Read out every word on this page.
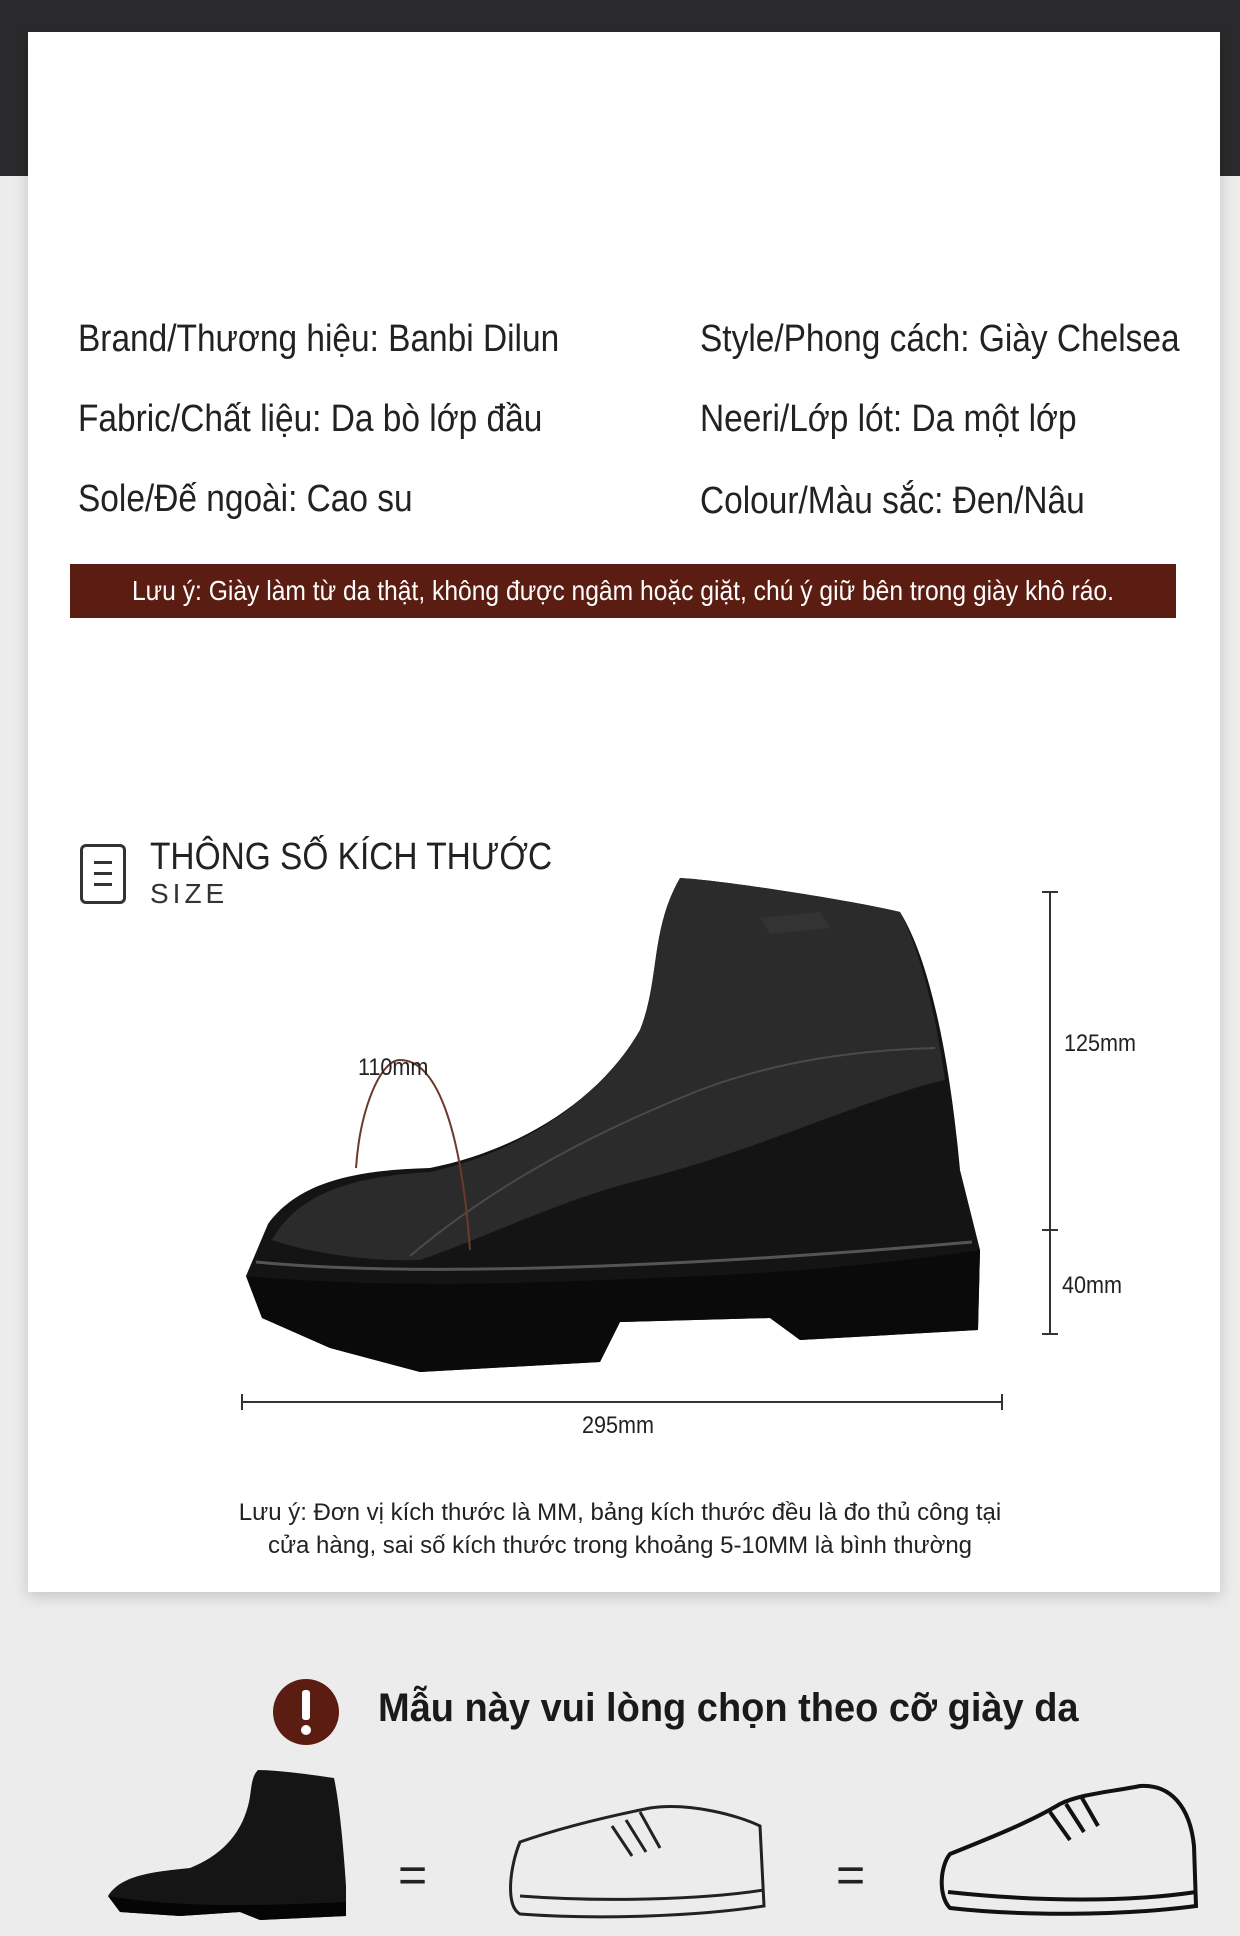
THÔNG TIN SẢN PHẨM
Brand/Thương hiệu: Banbi Dilun	Style/Phong cách: Giày Chelsea
Fabric/Chất liệu: Da bò lớp đầu	Neeri/Lớp lót: Da một lớp
Sole/Đế ngoài: Cao su	Colour/Màu sắc: Đen/Nâu
Lưu ý: Giày làm từ da thật, không được ngâm hoặc giặt, chú ý giữ bên trong giày khô ráo.
THÔNG SỐ KÍCH THƯỚC
SIZE
110mm
125mm
40mm
295mm
Lưu ý: Đơn vị kích thước là MM, bảng kích thước đều là đo thủ công tại
cửa hàng, sai số kích thước trong khoảng 5-10MM là bình thường
Mẫu này vui lòng chọn theo cỡ giày da
=	=
